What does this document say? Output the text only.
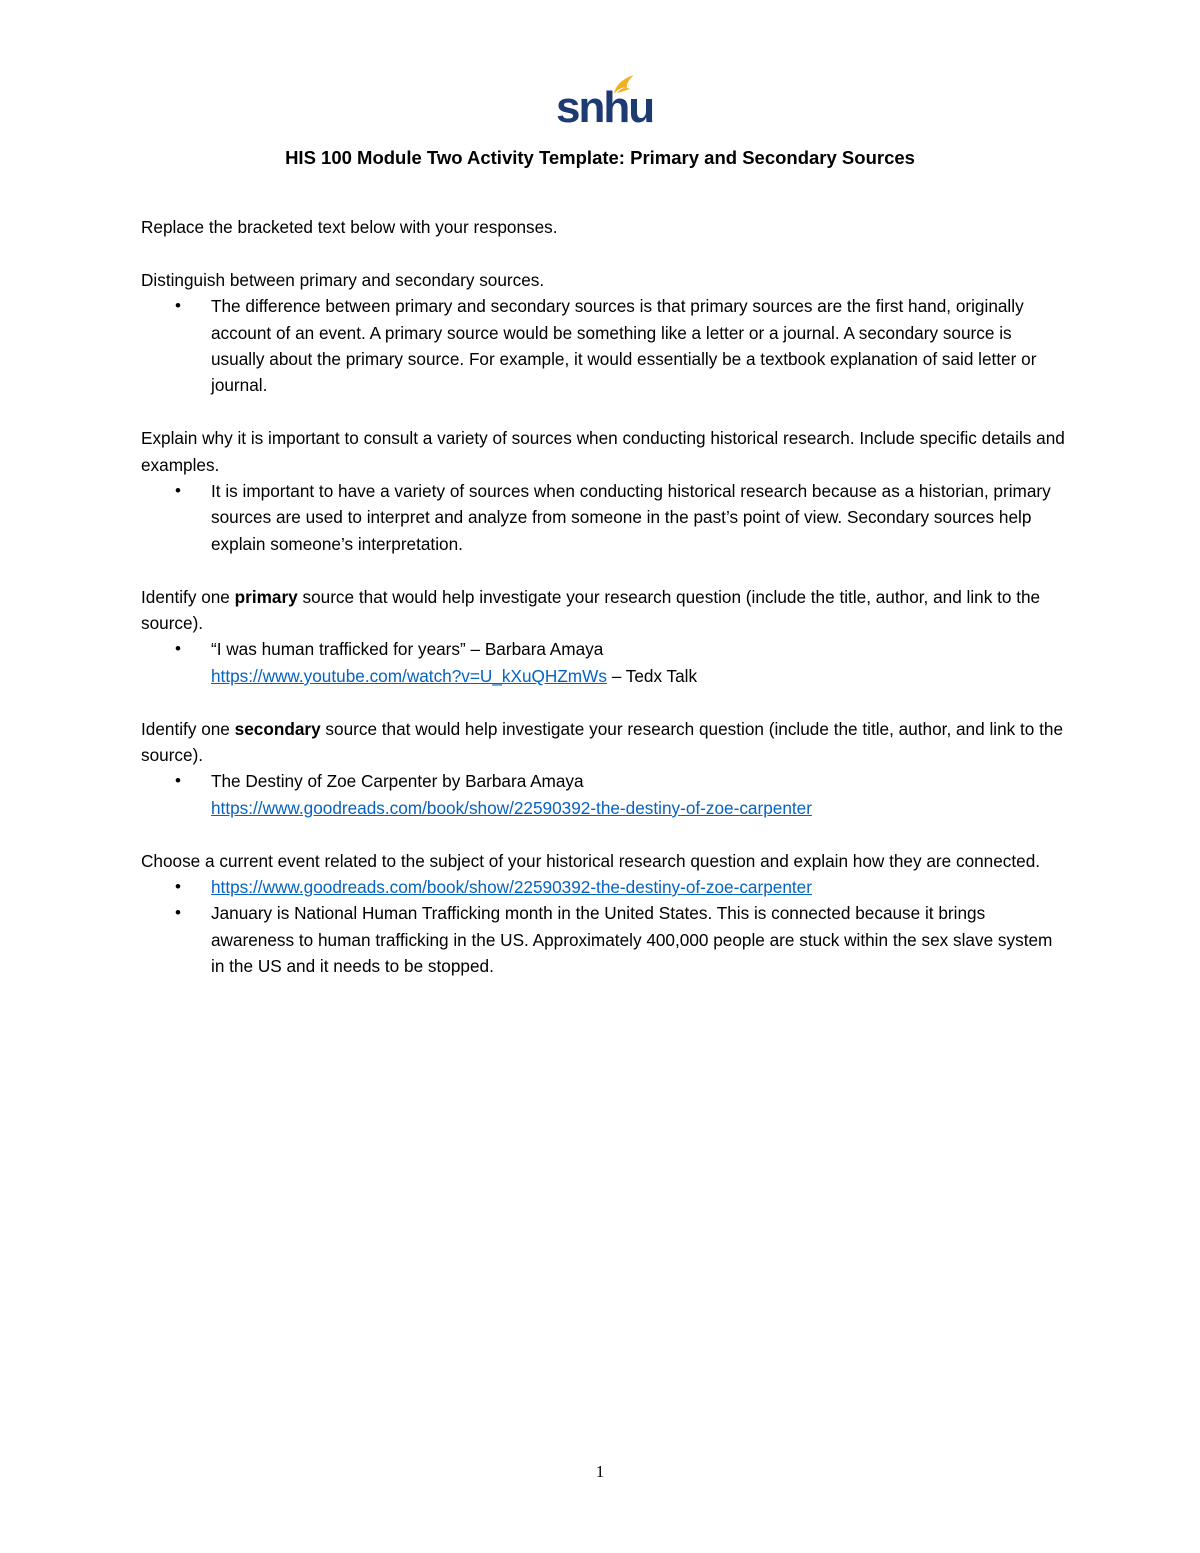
snhu
HIS 100 Module Two Activity Template: Primary and Secondary Sources

Replace the bracketed text below with your responses.

Distinguish between primary and secondary sources.

• The difference between primary and secondary sources is that primary sources are the first hand, originally account of an event. A primary source would be something like a letter or a journal. A secondary source is usually about the primary source. For example, it would essentially be a textbook explanation of said letter or journal.

Explain why it is important to consult a variety of sources when conducting historical research. Include specific details and examples.

• It is important to have a variety of sources when conducting historical research because as a historian, primary sources are used to interpret and analyze from someone in the past’s point of view. Secondary sources help explain someone’s interpretation.

Identify one primary source that would help investigate your research question (include the title, author, and link to the source).

• “I was human trafficked for years” – Barbara Amaya
https://www.youtube.com/watch?v=U_kXuQHZmWs – Tedx Talk

Identify one secondary source that would help investigate your research question (include the title, author, and link to the source).

• The Destiny of Zoe Carpenter by Barbara Amaya
https://www.goodreads.com/book/show/22590392-the-destiny-of-zoe-carpenter

Choose a current event related to the subject of your historical research question and explain how they are connected.

• https://www.goodreads.com/book/show/22590392-the-destiny-of-zoe-carpenter
• January is National Human Trafficking month in the United States. This is connected because it brings awareness to human trafficking in the US. Approximately 400,000 people are stuck within the sex slave system in the US and it needs to be stopped.
1
